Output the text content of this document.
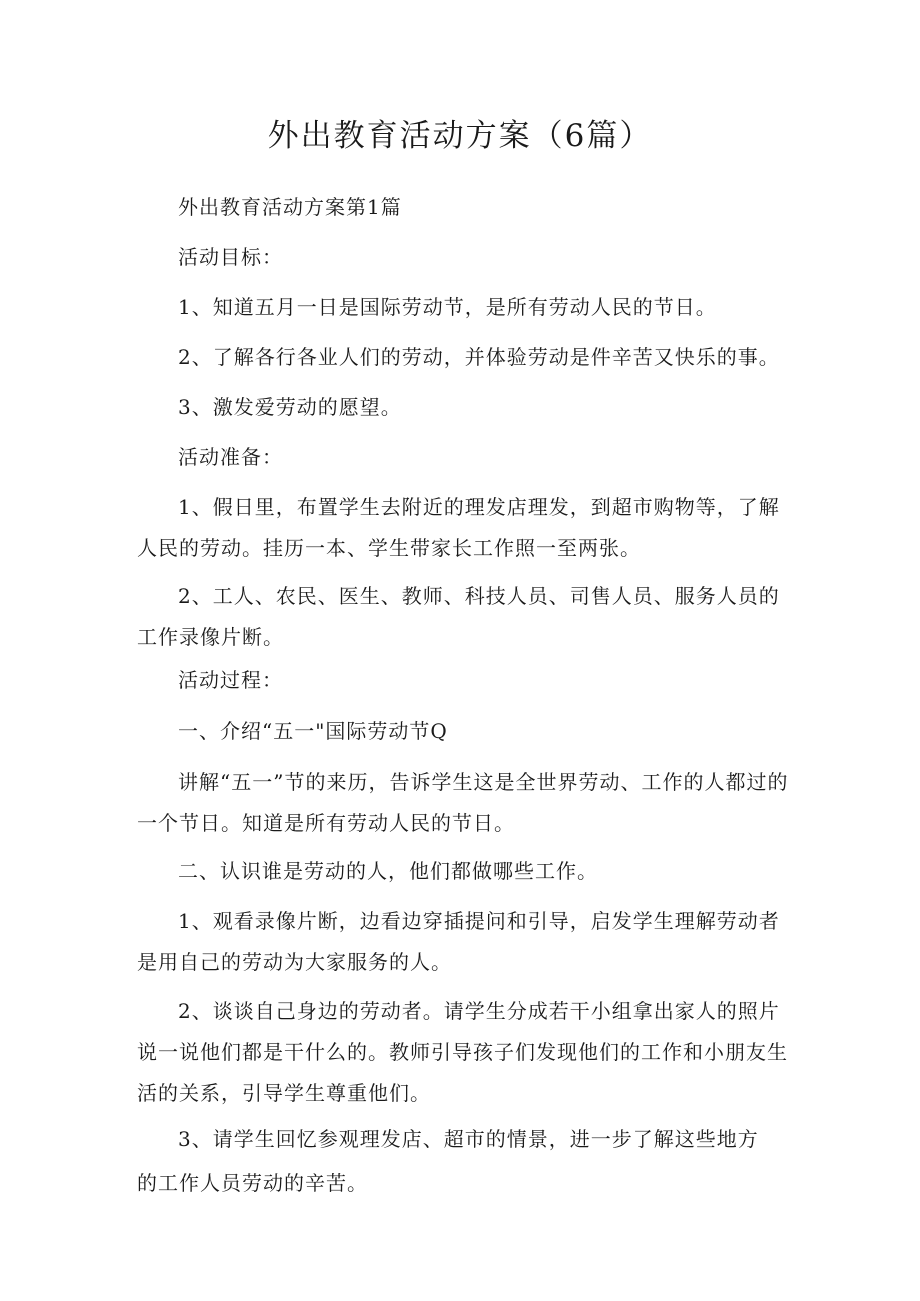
外出教育活动方案（6篇）

外出教育活动方案第1篇

活动目标：

1、知道五月一日是国际劳动节，是所有劳动人民的节日。

2、了解各行各业人们的劳动，并体验劳动是件辛苦又快乐的事。

3、激发爱劳动的愿望。

活动准备：

1、假日里，布置学生去附近的理发店理发，到超市购物等，了解人民的劳动。挂历一本、学生带家长工作照一至两张。

2、工人、农民、医生、教师、科技人员、司售人员、服务人员的工作录像片断。

活动过程：

一、介绍“五一"国际劳动节Q

讲解“五一”节的来历，告诉学生这是全世界劳动、工作的人都过的一个节日。知道是所有劳动人民的节日。

二、认识谁是劳动的人，他们都做哪些工作。

1、观看录像片断，边看边穿插提问和引导，启发学生理解劳动者是用自己的劳动为大家服务的人。

2、谈谈自己身边的劳动者。请学生分成若干小组拿出家人的照片说一说他们都是干什么的。教师引导孩子们发现他们的工作和小朋友生活的关系，引导学生尊重他们。

3、请学生回忆参观理发店、超市的情景，进一步了解这些地方

的工作人员劳动的辛苦。
